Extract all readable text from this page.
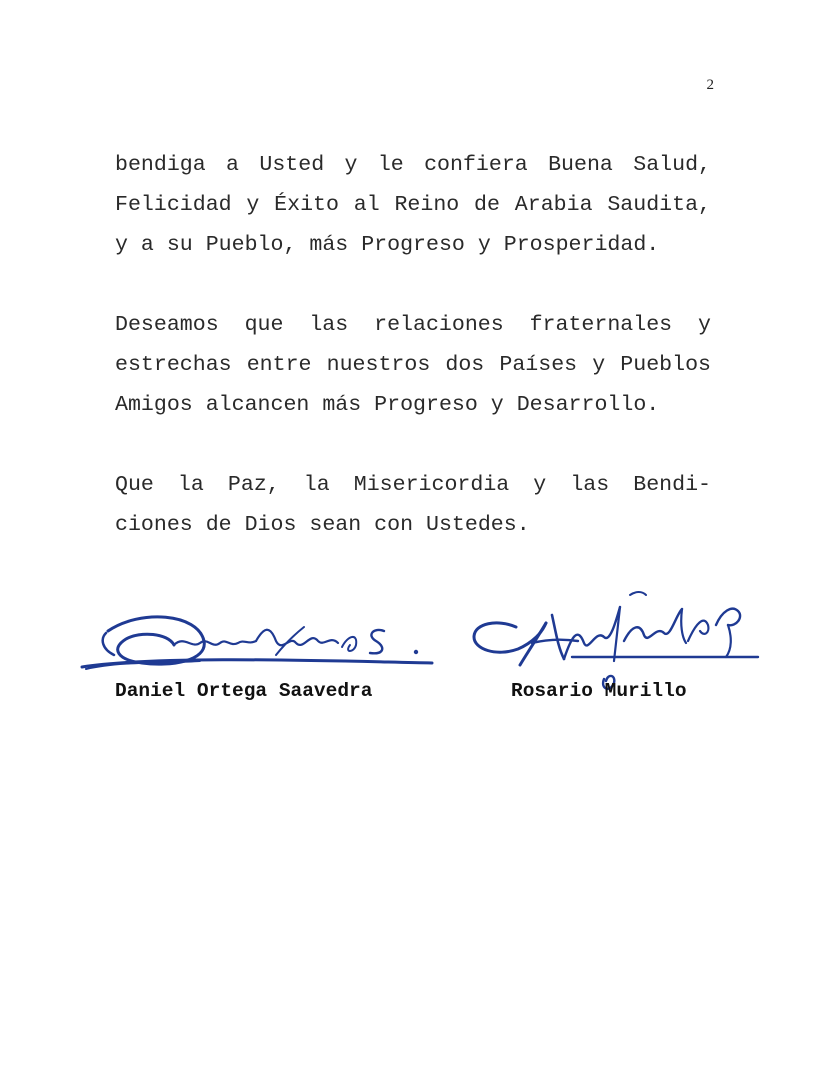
2

bendiga a Usted y le confiera Buena Salud,
Felicidad y Éxito al Reino de Arabia Saudita,
y a su Pueblo, más Progreso y Prosperidad.

Deseamos que las relaciones fraternales y
estrechas entre nuestros dos Países y Pueblos
Amigos alcancen más Progreso y Desarrollo.

Que la Paz, la Misericordia y las Bendi-
ciones de Dios sean con Ustedes.

Daniel Ortega Saavedra	Rosario Murillo
